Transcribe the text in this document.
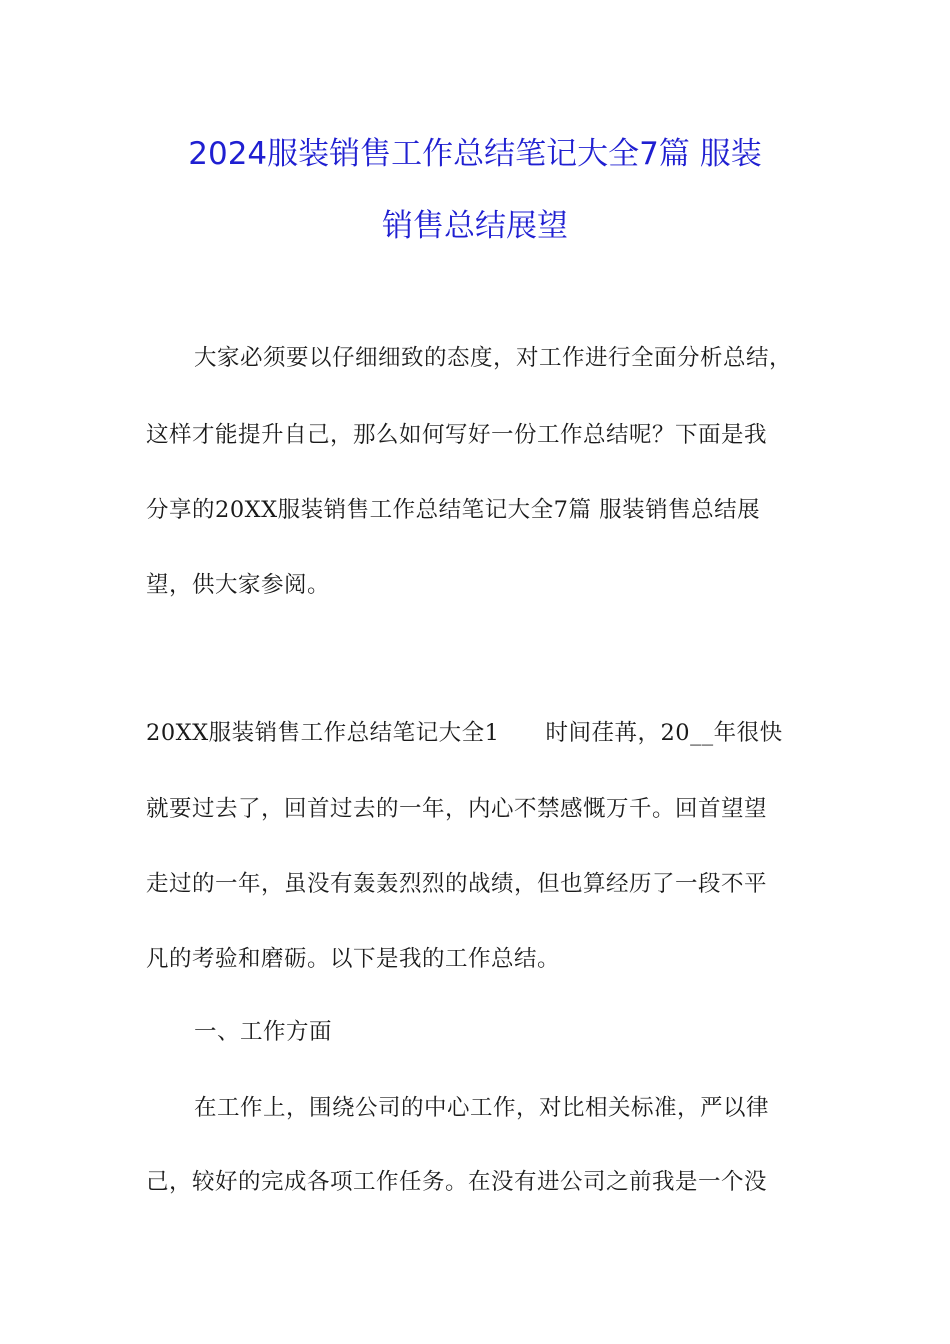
2024服装销售工作总结笔记大全7篇 服装
销售总结展望
大家必须要以仔细细致的态度，对工作进行全面分析总结，
这样才能提升自己，那么如何写好一份工作总结呢？下面是我
分享的20XX服装销售工作总结笔记大全7篇 服装销售总结展
望，供大家参阅。
20XX服装销售工作总结笔记大全1　　时间荏苒，20__年很快
就要过去了，回首过去的一年，内心不禁感慨万千。回首望望
走过的一年，虽没有轰轰烈烈的战绩，但也算经历了一段不平
凡的考验和磨砺。以下是我的工作总结。
一、工作方面
在工作上，围绕公司的中心工作，对比相关标准，严以律
己，较好的完成各项工作任务。在没有进公司之前我是一个没
